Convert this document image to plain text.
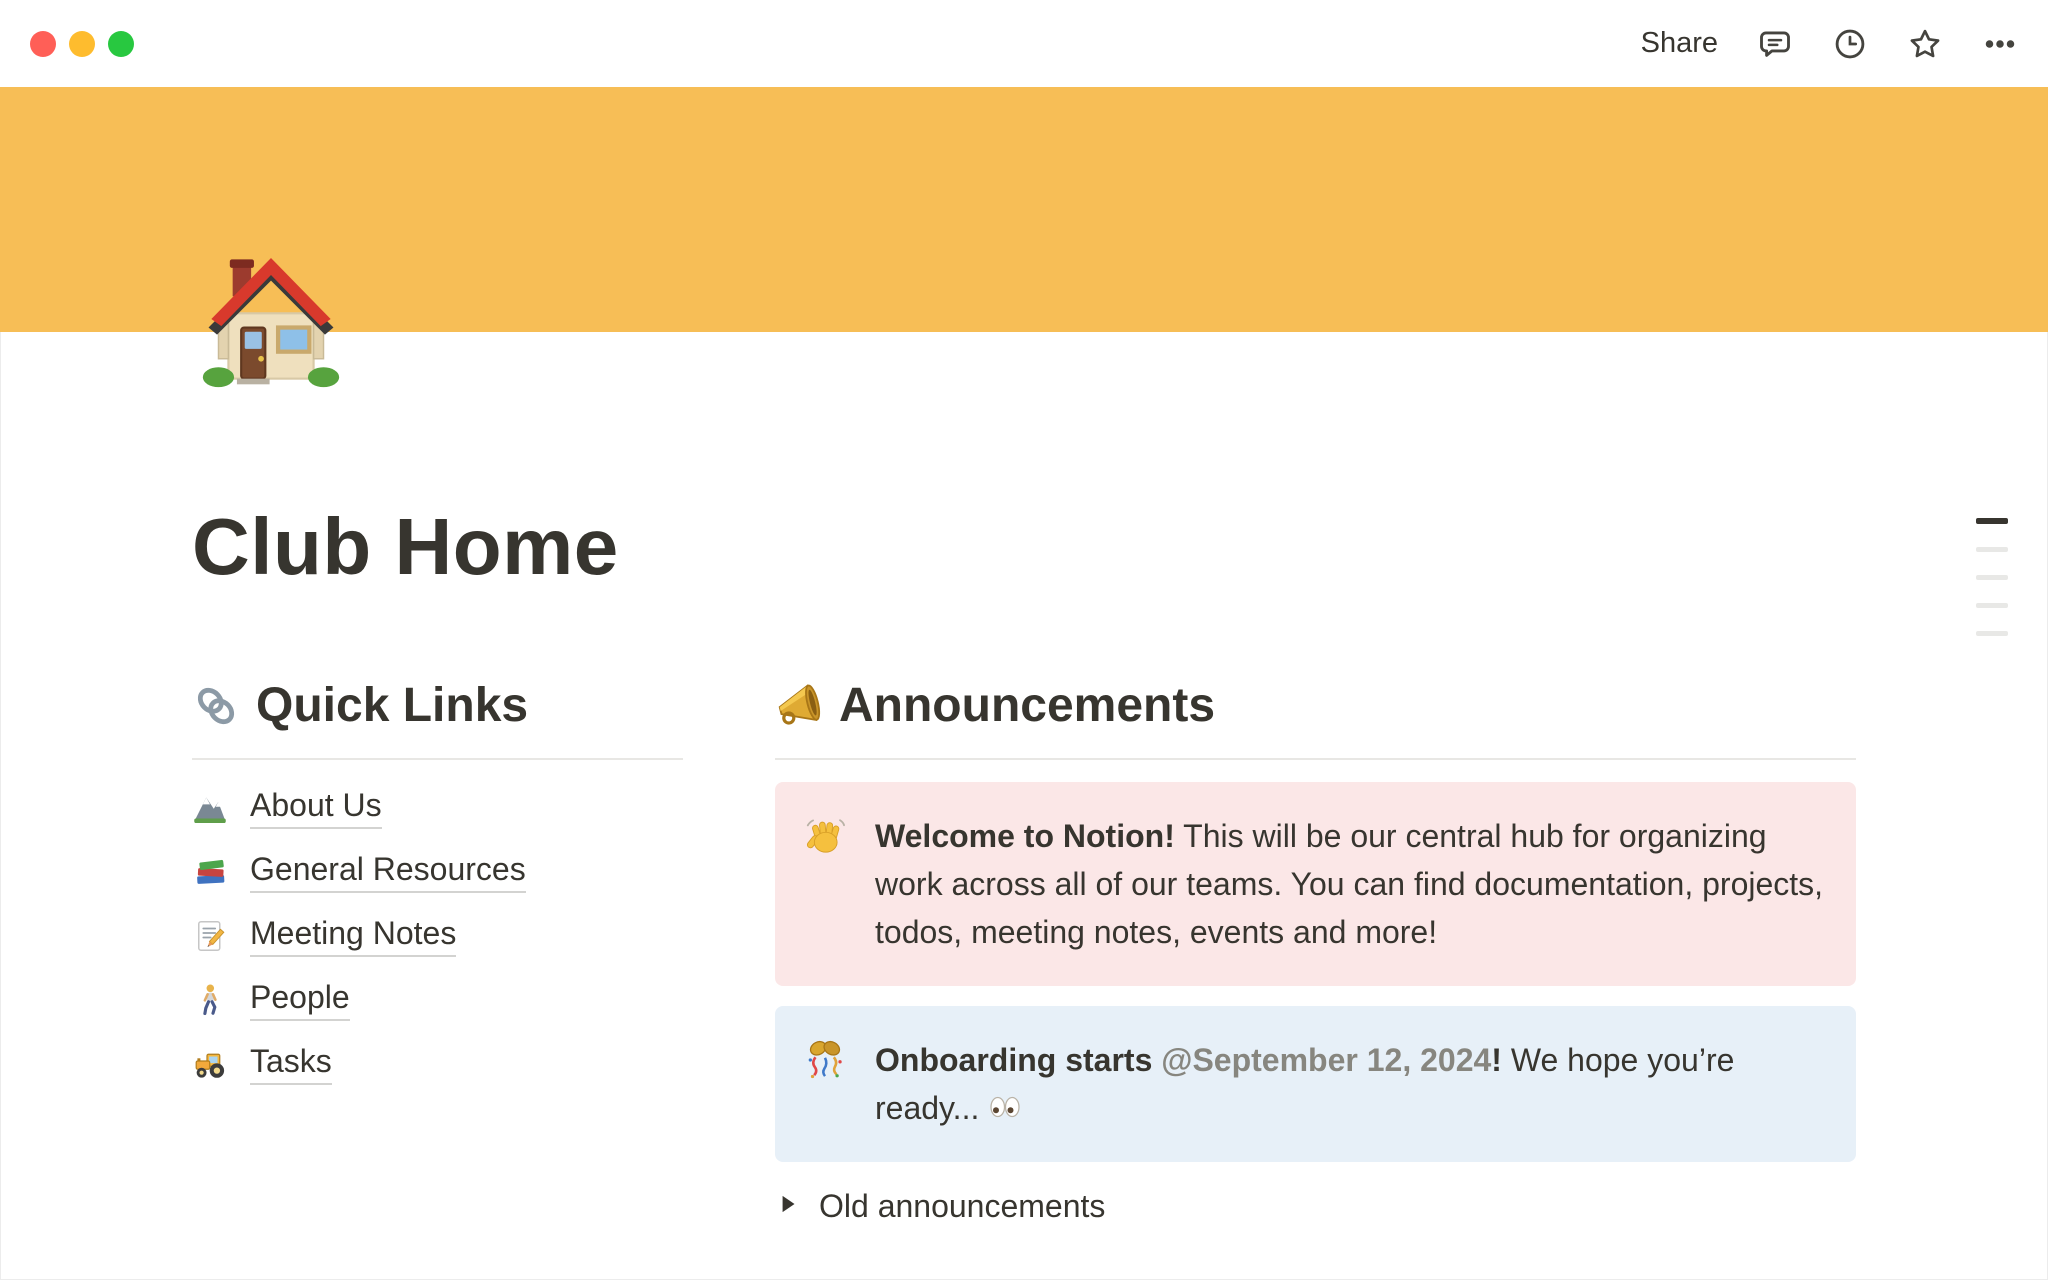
Share
Club Home
Quick Links
About Us
General Resources
Meeting Notes
People
Tasks
Announcements
Welcome to Notion! This will be our central hub for organizing work across all of our teams. You can find documentation, projects, todos, meeting notes, events and more!
Onboarding starts @September 12, 2024! We hope you’re ready...
Old announcements
